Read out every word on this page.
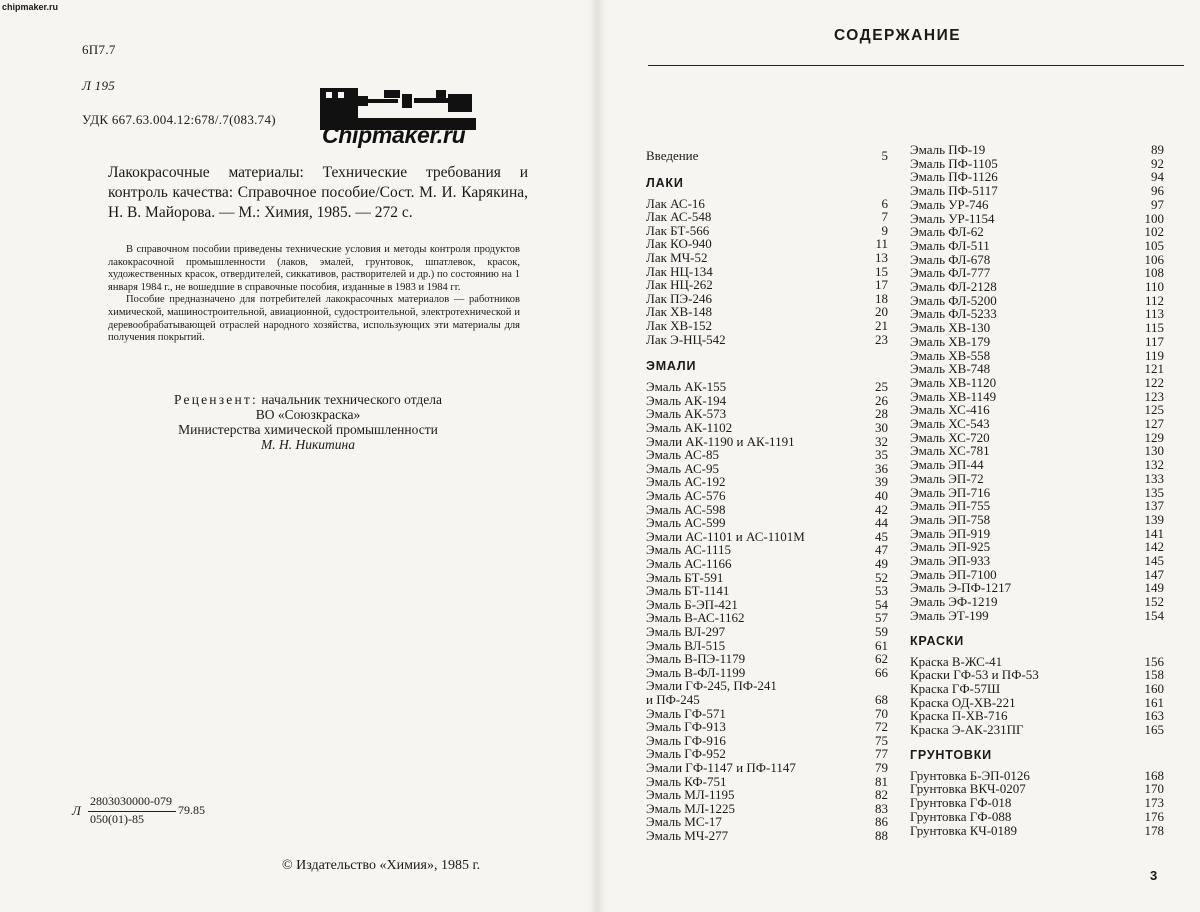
chipmaker.ru
6П7.7
Л 195
УДК 667.63.004.12:678/.7(083.74)
Chipmaker.ru
Лакокрасочные материалы: Технические требования и контроль качества: Справочное пособие/Сост. М. И. Карякина, Н. В. Майорова. — М.: Химия, 1985. — 272 с.

В справочном пособии приведены технические условия и методы контроля продуктов лакокрасочной промышленности (лаков, эмалей, грунтовок, шпатлевок, красок, художественных красок, отвердителей, сиккативов, растворителей и др.) по состоянию на 1 января 1984 г., не вошедшие в справочные пособия, изданные в 1983 и 1984 гг.

Пособие предназначено для потребителей лакокрасочных материалов — работников химической, машиностроительной, авиационной, судостроительной, электротехнической и деревообрабатывающей отраслей народного хозяйства, использующих эти материалы для получения покрытий.

Рецензент: начальник технического отдела
ВО «Союзкраска»
Министерства химической промышленности
М. Н. Никитина
Л
2803030000-079
050(01)-85
79.85
© Издательство «Химия», 1985 г.
СОДЕРЖАНИЕ
Введение	5
ЛАКИ
Лак АС-16	6
Лак АС-548	7
Лак БТ-566	9
Лак КО-940	11
Лак МЧ-52	13
Лак НЦ-134	15
Лак НЦ-262	17
Лак ПЭ-246	18
Лак ХВ-148	20
Лак ХВ-152	21
Лак Э-НЦ-542	23
ЭМАЛИ
Эмаль АК-155	25
Эмаль АК-194	26
Эмаль АК-573	28
Эмаль АК-1102	30
Эмали АК-1190 и АК-1191	32
Эмаль АС-85	35
Эмаль АС-95	36
Эмаль АС-192	39
Эмаль АС-576	40
Эмаль АС-598	42
Эмаль АС-599	44
Эмали АС-1101 и АС-1101М	45
Эмаль АС-1115	47
Эмаль АС-1166	49
Эмаль БТ-591	52
Эмаль БТ-1141	53
Эмаль Б-ЭП-421	54
Эмаль В-АС-1162	57
Эмаль ВЛ-297	59
Эмаль ВЛ-515	61
Эмаль В-ПЭ-1179	62
Эмаль В-ФЛ-1199	66
Эмали ГФ-245, ПФ-241
и ПФ-245	68
Эмаль ГФ-571	70
Эмаль ГФ-913	72
Эмаль ГФ-916	75
Эмаль ГФ-952	77
Эмали ГФ-1147 и ПФ-1147	79
Эмаль КФ-751	81
Эмаль МЛ-1195	82
Эмаль МЛ-1225	83
Эмаль МС-17	86
Эмаль МЧ-277	88
Эмаль ПФ-19	89
Эмаль ПФ-1105	92
Эмаль ПФ-1126	94
Эмаль ПФ-5117	96
Эмаль УР-746	97
Эмаль УР-1154	100
Эмаль ФЛ-62	102
Эмаль ФЛ-511	105
Эмаль ФЛ-678	106
Эмаль ФЛ-777	108
Эмаль ФЛ-2128	110
Эмаль ФЛ-5200	112
Эмаль ФЛ-5233	113
Эмаль ХВ-130	115
Эмаль ХВ-179	117
Эмаль ХВ-558	119
Эмаль ХВ-748	121
Эмаль ХВ-1120	122
Эмаль ХВ-1149	123
Эмаль ХС-416	125
Эмаль ХС-543	127
Эмаль ХС-720	129
Эмаль ХС-781	130
Эмаль ЭП-44	132
Эмаль ЭП-72	133
Эмаль ЭП-716	135
Эмаль ЭП-755	137
Эмаль ЭП-758	139
Эмаль ЭП-919	141
Эмаль ЭП-925	142
Эмаль ЭП-933	145
Эмаль ЭП-7100	147
Эмаль Э-ПФ-1217	149
Эмаль ЭФ-1219	152
Эмаль ЭТ-199	154
КРАСКИ
Краска В-ЖС-41	156
Краски ГФ-53 и ПФ-53	158
Краска ГФ-57Ш	160
Краска ОД-ХВ-221	161
Краска П-ХВ-716	163
Краска Э-АК-231ПГ	165
ГРУНТОВКИ
Грунтовка Б-ЭП-0126	168
Грунтовка ВКЧ-0207	170
Грунтовка ГФ-018	173
Грунтовка ГФ-088	176
Грунтовка КЧ-0189	178
3
